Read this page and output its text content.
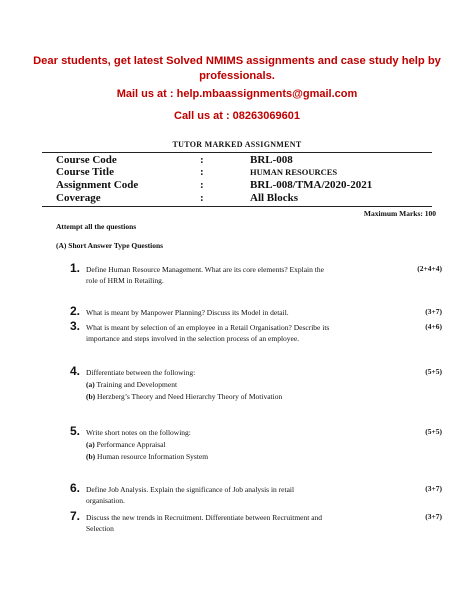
Dear students, get latest Solved NMIMS assignments and case study help by
professionals.
Mail us at : help.mbaassignments@gmail.com
Call us at : 08263069601
TUTOR MARKED ASSIGNMENT
Course Code	:	BRL-008
Course Title	:	HUMAN RESOURCES
Assignment Code	:	BRL-008/TMA/2020-2021
Coverage	:	All Blocks
Maximum Marks: 100
Attempt all the questions
(A) Short Answer Type Questions
1. Define Human Resource Management. What are its core elements? Explain the
role of HRM in Retailing.
(2+4+4)
2. What is meant by Manpower Planning? Discuss its Model in detail.	(3+7)
3. What is meant by selection of an employee in a Retail Organisation? Describe its
importance and steps involved in the selection process of an employee.
(4+6)
4. Differentiate between the following:	(5+5)
(a) Training and Development
(b) Herzberg’s Theory and Need Hierarchy Theory of Motivation
5. Write short notes on the following:	(5+5)
(a) Performance Appraisal
(b) Human resource Information System
6. Define Job Analysis. Explain the significance of Job analysis in retail
organisation.
(3+7)
7. Discuss the new trends in Recruitment. Differentiate between Recruitment and
Selection
(3+7)
